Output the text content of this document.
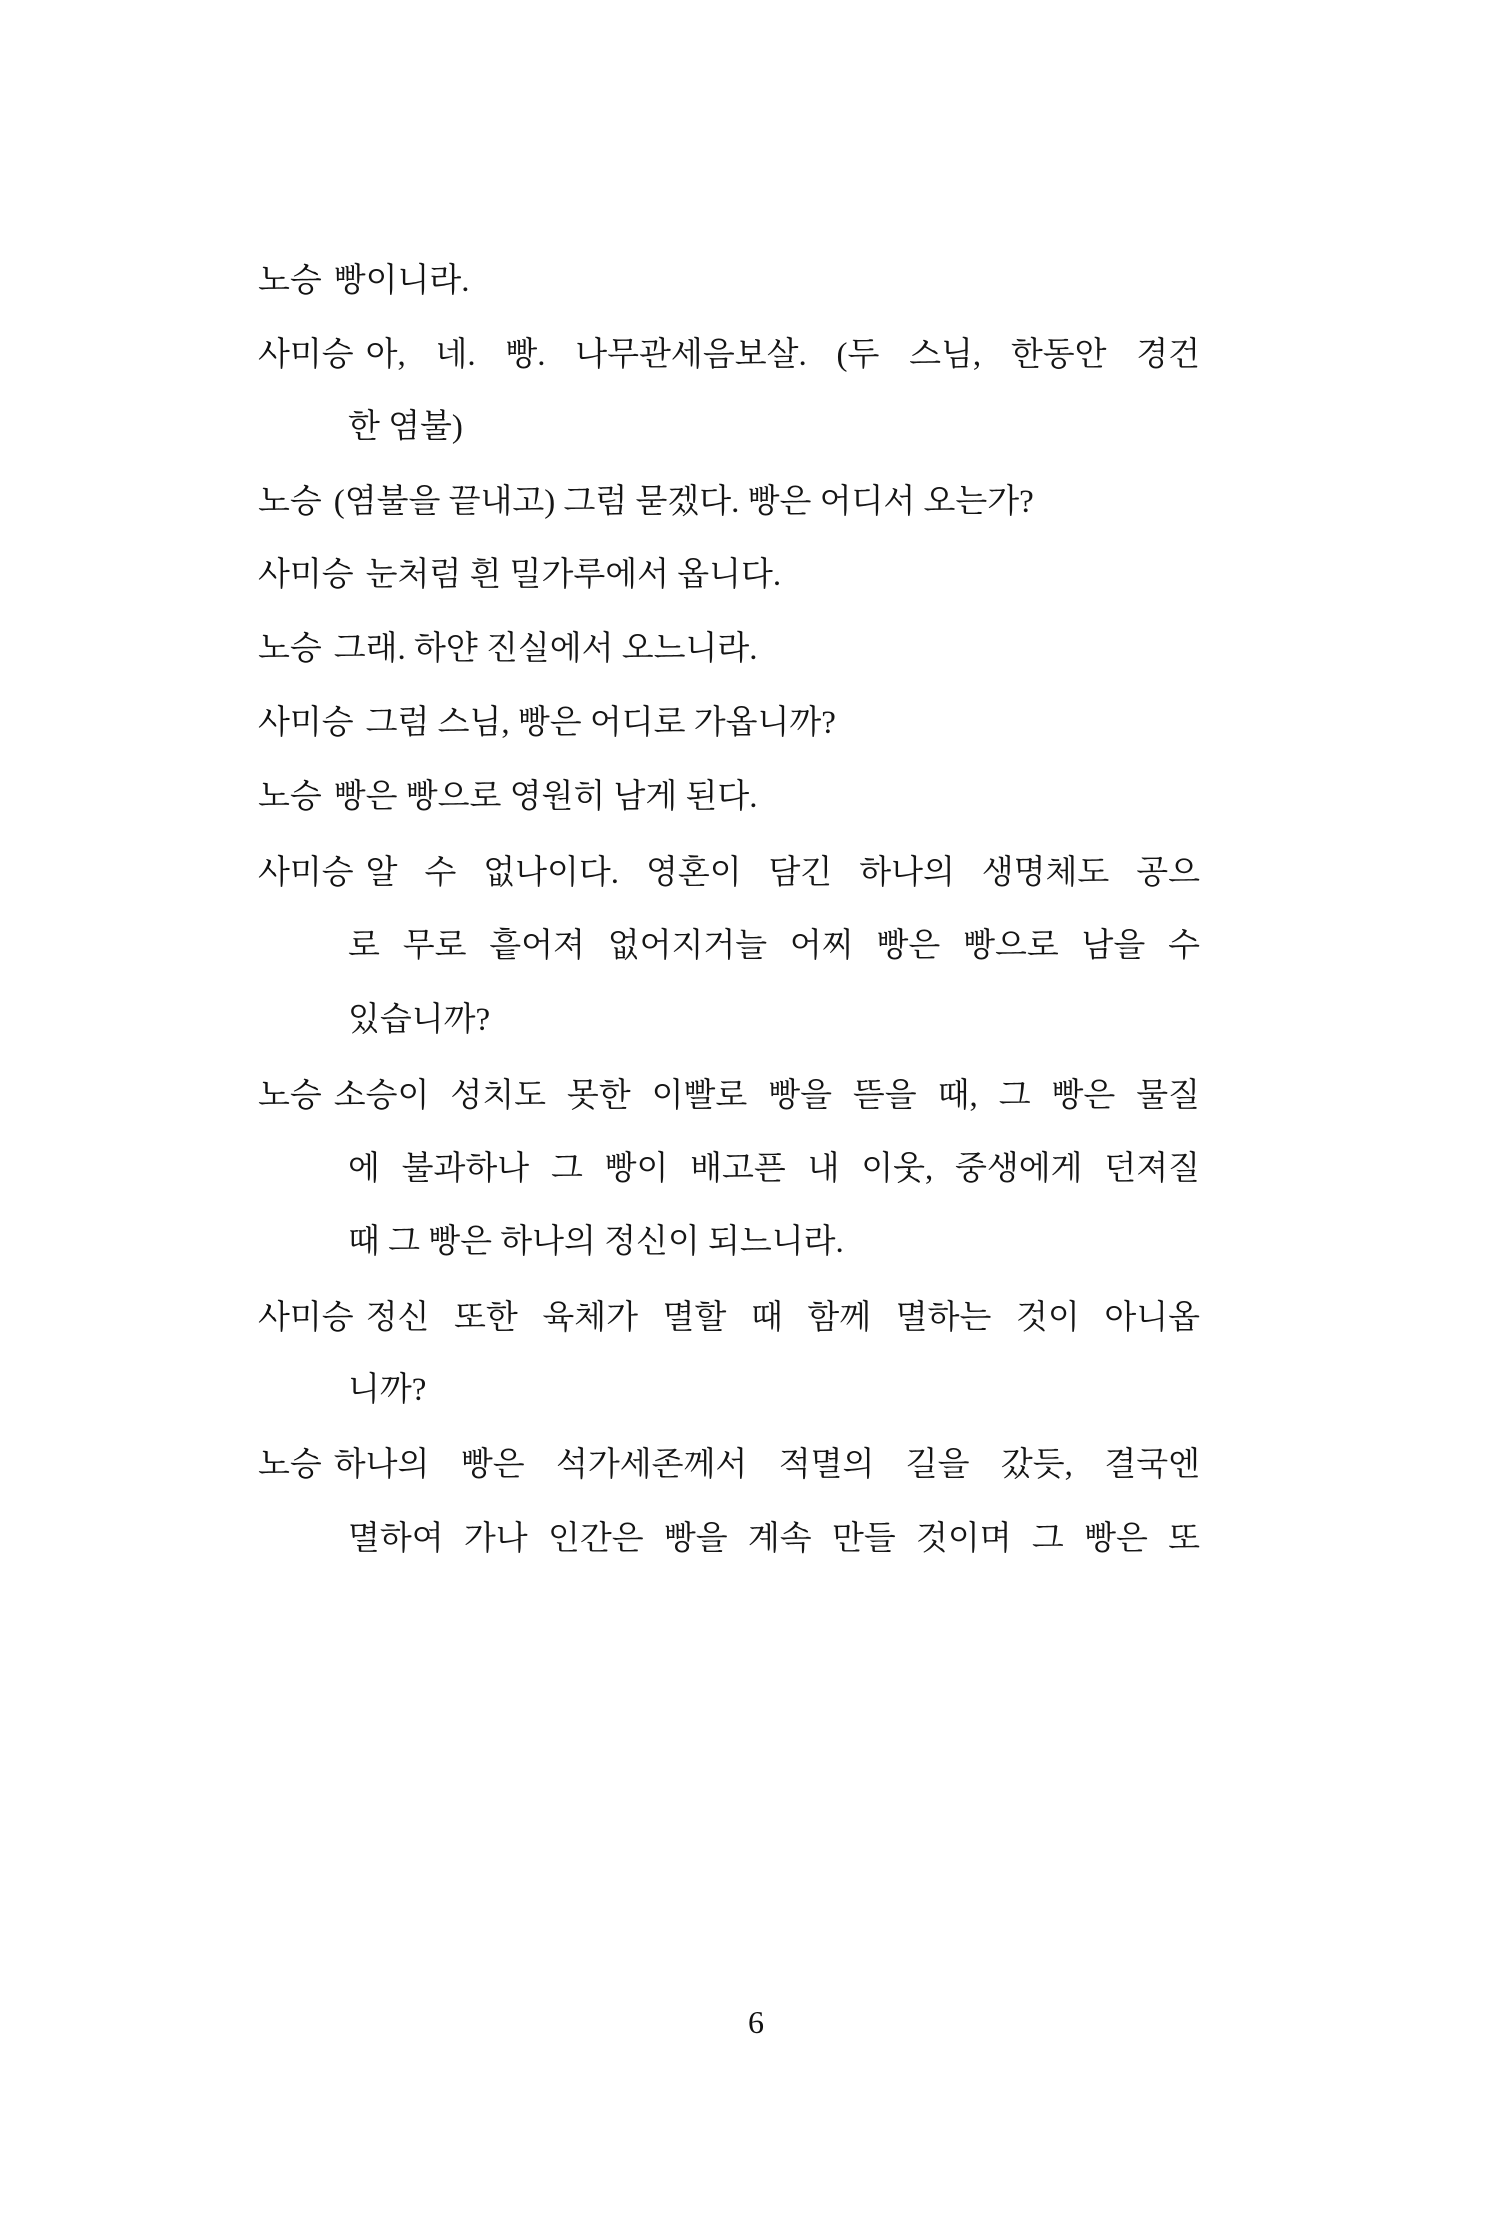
노승 빵이니라.
사미승 아, 네. 빵. 나무관세음보살. (두 스님, 한동안 경건
한 염불)
노승 (염불을 끝내고) 그럼 묻겠다. 빵은 어디서 오는가?
사미승 눈처럼 흰 밀가루에서 옵니다.
노승 그래. 하얀 진실에서 오느니라.
사미승 그럼 스님, 빵은 어디로 가옵니까?
노승 빵은 빵으로 영원히 남게 된다.
사미승 알 수 없나이다. 영혼이 담긴 하나의 생명체도 공으
로 무로 흩어져 없어지거늘 어찌 빵은 빵으로 남을 수
있습니까?
노승 소승이 성치도 못한 이빨로 빵을 뜯을 때, 그 빵은 물질
에 불과하나 그 빵이 배고픈 내 이웃, 중생에게 던져질
때 그 빵은 하나의 정신이 되느니라.
사미승 정신 또한 육체가 멸할 때 함께 멸하는 것이 아니옵
니까?
노승 하나의 빵은 석가세존께서 적멸의 길을 갔듯, 결국엔
멸하여 가나 인간은 빵을 계속 만들 것이며 그 빵은 또
6
